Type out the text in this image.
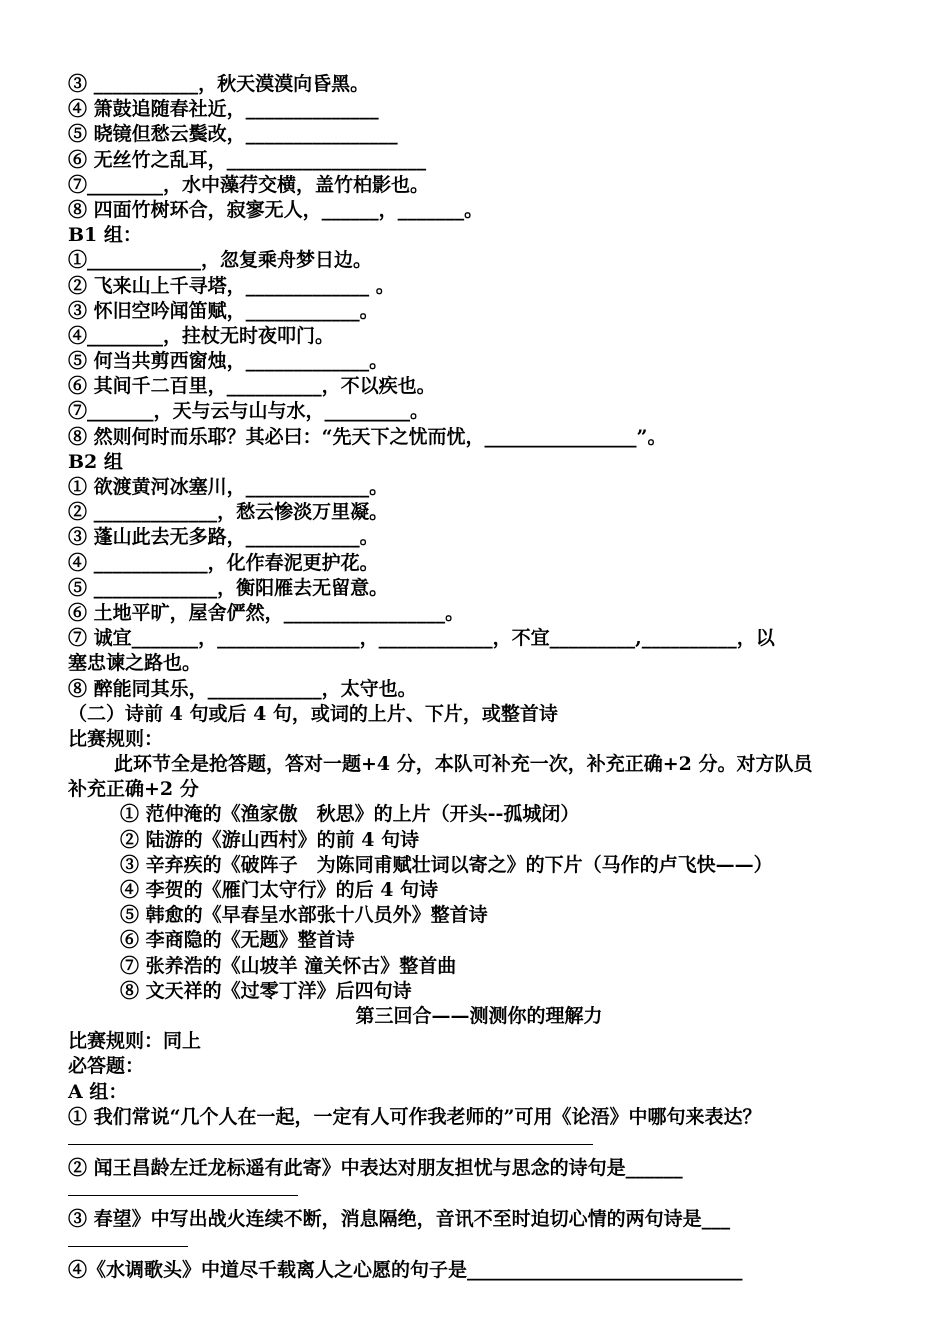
③ ___________，秋天漠漠向昏黑。
④ 箫鼓追随春社近，______________
⑤ 晓镜但愁云鬓改，________________
⑥ 无丝竹之乱耳，_____________________
⑦________，水中藻荇交横，盖竹柏影也。
⑧ 四面竹树环合，寂寥无人，______，_______。
B1 组：
①____________，忽复乘舟梦日边。
② 飞来山上千寻塔，_____________ 。
③ 怀旧空吟闻笛赋，____________。
④________，拄杖无时夜叩门。
⑤ 何当共剪西窗烛，_____________。
⑥ 其间千二百里，__________，不以疾也。
⑦_______，天与云与山与水，_________。
⑧ 然则何时而乐耶？其必曰：“先天下之忧而忧，________________”。
B2 组
① 欲渡黄河冰塞川，_____________。
② _____________，愁云惨淡万里凝。
③ 蓬山此去无多路，____________。
④ ____________，化作春泥更护花。
⑤ _____________，衡阳雁去无留意。
⑥ 土地平旷，屋舍俨然，_________________。
⑦ 诚宜_______，_______________，____________，不宜_________,__________，以
塞忠谏之路也。
⑧ 醉能同其乐，____________，太守也。
（二）诗前 4 句或后 4 句，或词的上片、下片，或整首诗
比赛规则：
此环节全是抢答题，答对一题+4 分，本队可补充一次，补充正确+2 分。对方队员
补充正确+2 分
① 范仲淹的《渔家傲　秋思》的上片（开头--孤城闭）
② 陆游的《游山西村》的前 4 句诗
③ 辛弃疾的《破阵子　为陈同甫赋壮词以寄之》的下片（马作的卢飞快——）
④ 李贺的《雁门太守行》的后 4 句诗
⑤ 韩愈的《早春呈水部张十八员外》整首诗
⑥ 李商隐的《无题》整首诗
⑦ 张养浩的《山坡羊 潼关怀古》整首曲
⑧ 文天祥的《过零丁洋》后四句诗
第三回合——测测你的理解力
比赛规则：同上
必答题：
A 组：
① 我们常说“几个人在一起，一定有人可作我老师的”可用《论浯》中哪句来表达？
② 闻王昌龄左迁龙标遥有此寄》中表达对朋友担忧与思念的诗句是______
③ 春望》中写出战火连续不断，消息隔绝，音讯不至时迫切心情的两句诗是___
④《水调歌头》中道尽千载离人之心愿的句子是_____________________________
